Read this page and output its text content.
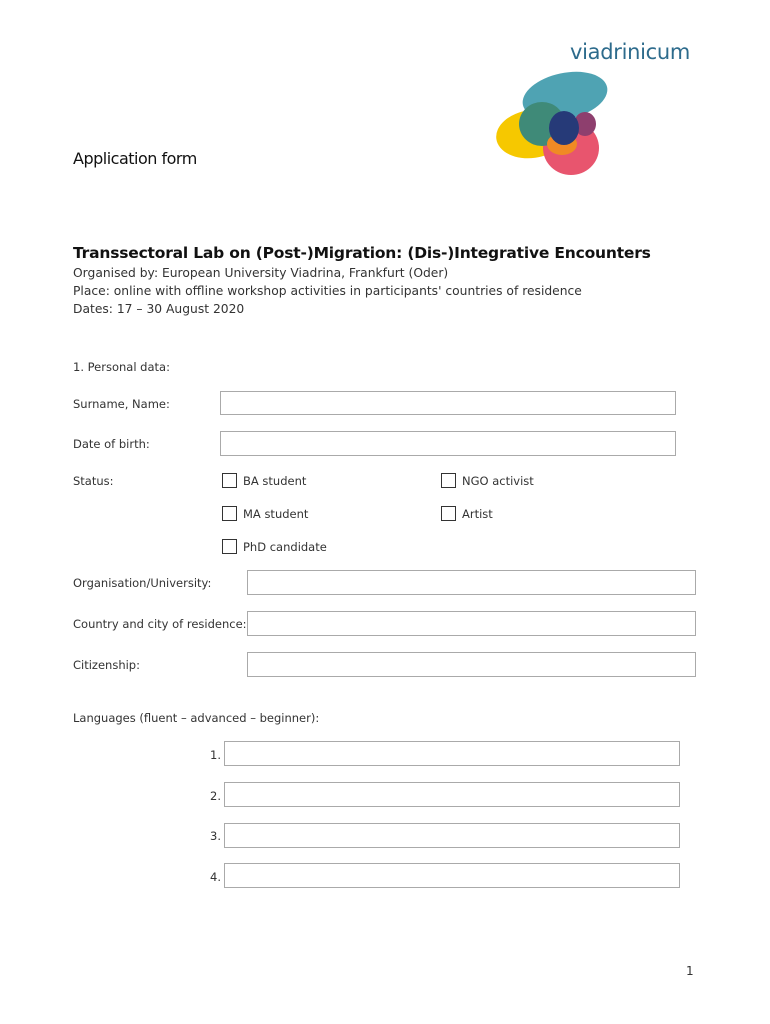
viadrinicum
Application form
Transsectoral Lab on (Post-)Migration: (Dis-)Integrative Encounters
Organised by: European University Viadrina, Frankfurt (Oder)
Place: online with offline workshop activities in participants' countries of residence
Dates: 17 – 30 August 2020
1. Personal data:
Surname, Name:
Date of birth:
Status:	BA student	NGO activist
MA student	Artist
PhD candidate
Organisation/University:
Country and city of residence:
Citizenship:
Languages (fluent – advanced – beginner):
1.
2.
3.
4.
1
